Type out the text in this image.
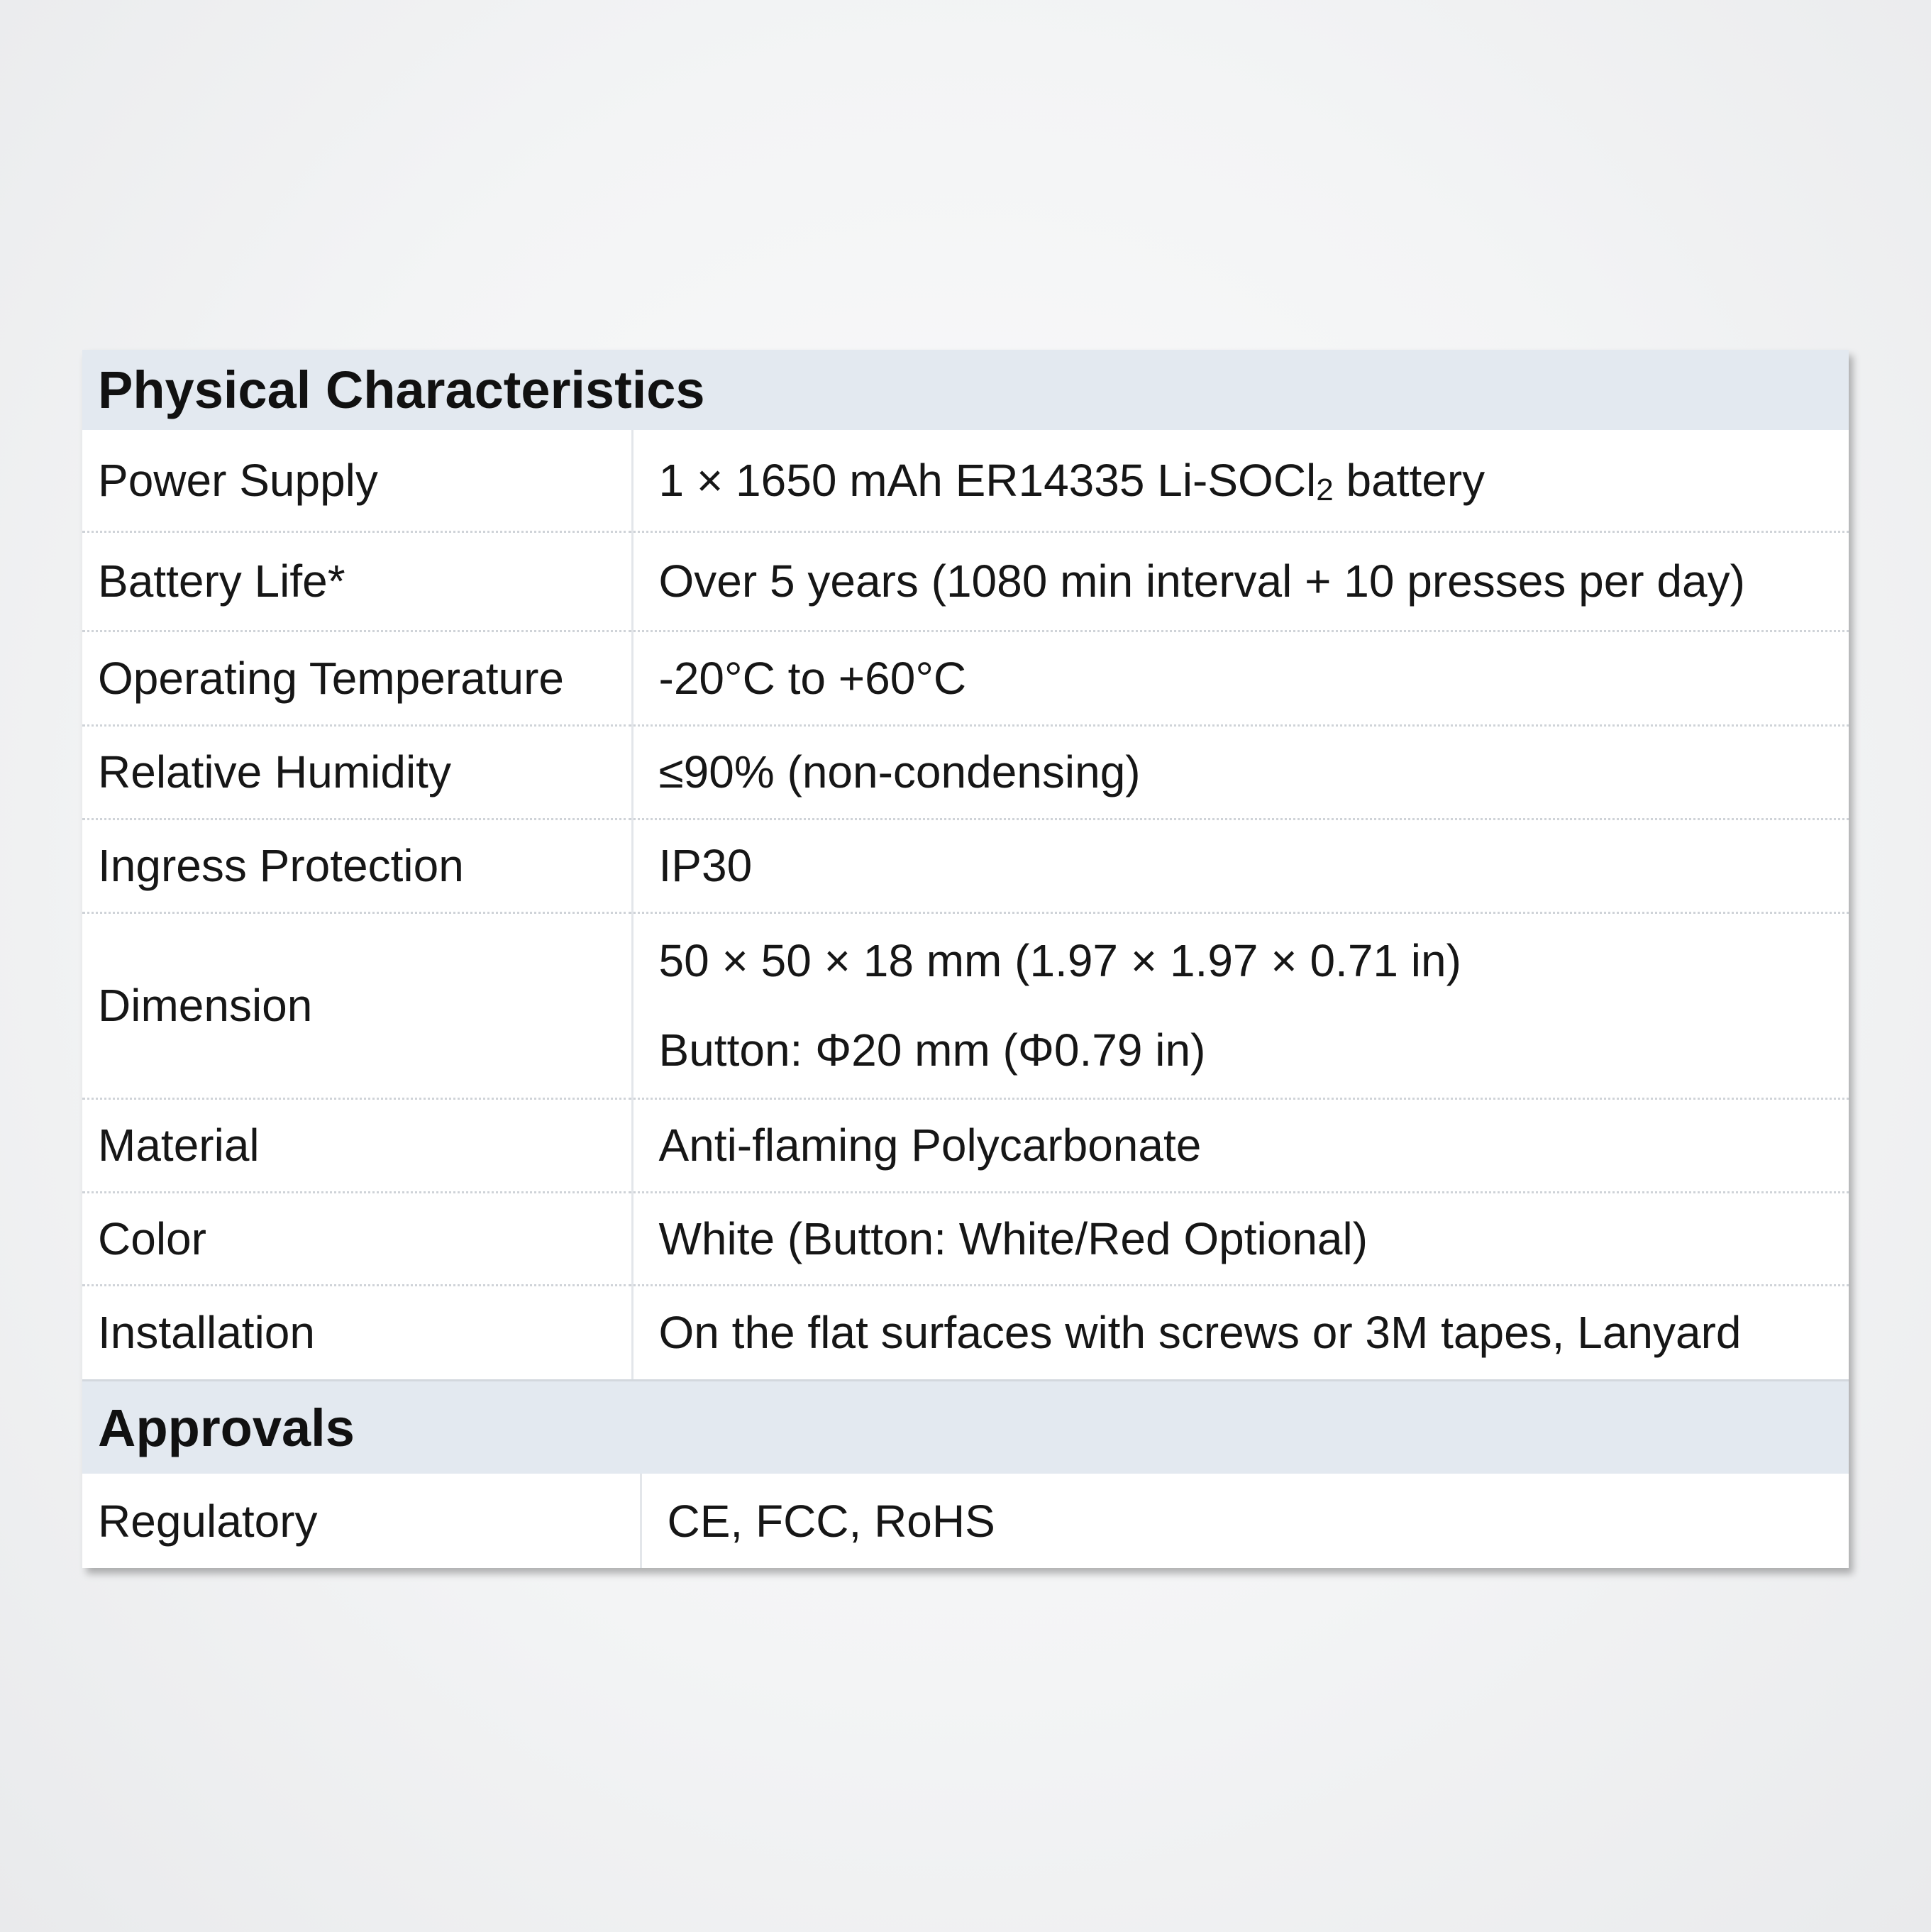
Physical Characteristics
Power Supply	1 × 1650 mAh ER14335 Li-SOCl$_2$ battery
Battery Life*	Over 5 years (1080 min interval + 10 presses per day)
Operating Temperature	-20°C to +60°C
Relative Humidity	≤90% (non-condensing)
Ingress Protection	IP30
Dimension	50 × 50 × 18 mm (1.97 × 1.97 × 0.71 in)
Button: Φ20 mm (Φ0.79 in)

Material	Anti-flaming Polycarbonate
Color	White (Button: White/Red Optional)
Installation	On the flat surfaces with screws or 3M tapes, Lanyard
Approvals
Regulatory	CE, FCC, RoHS
